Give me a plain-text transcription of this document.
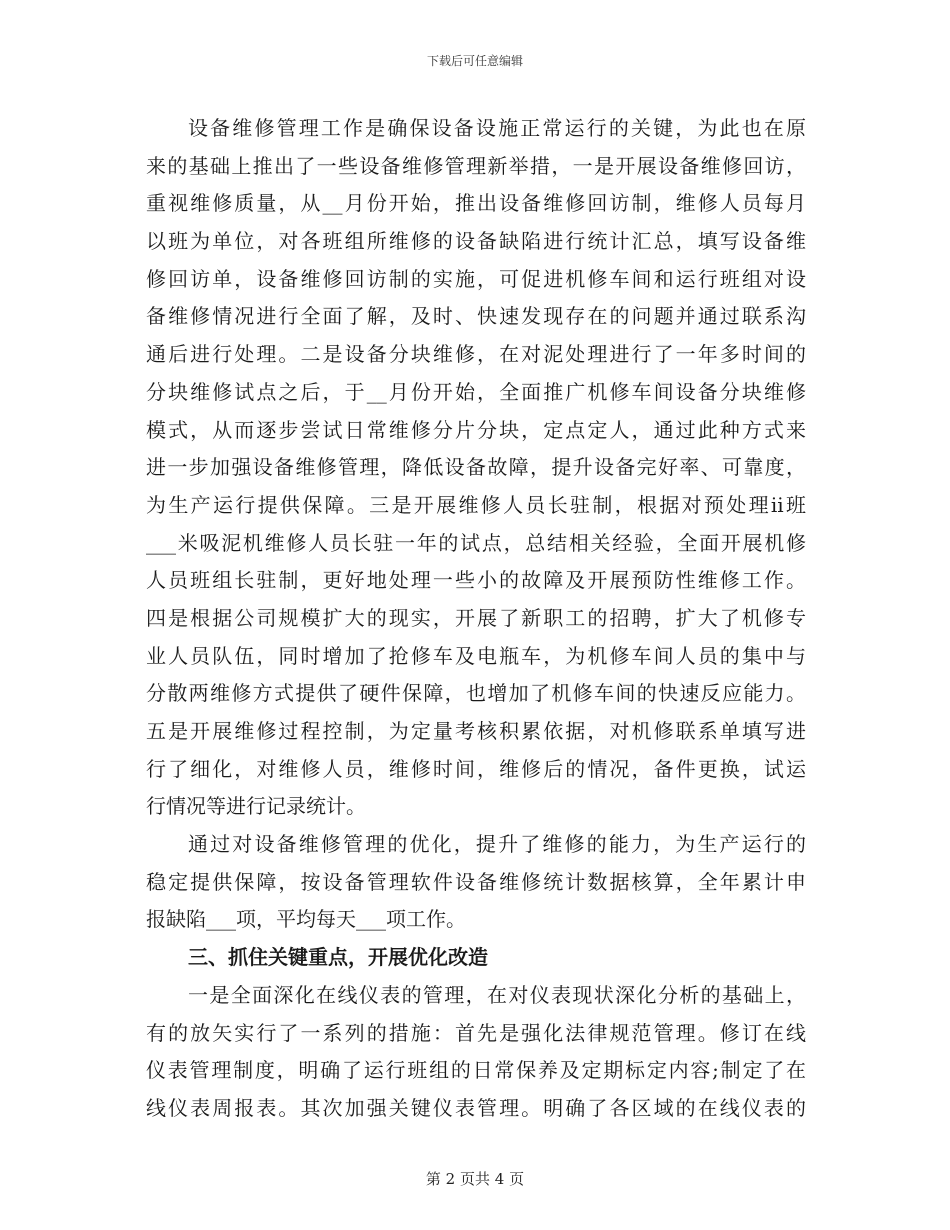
下载后可任意编辑
设备维修管理工作是确保设备设施正常运行的关键，为此也在原
来的基础上推出了一些设备维修管理新举措，一是开展设备维修回访，
重视维修质量，从__月份开始，推出设备维修回访制，维修人员每月
以班为单位，对各班组所维修的设备缺陷进行统计汇总，填写设备维
修回访单，设备维修回访制的实施，可促进机修车间和运行班组对设
备维修情况进行全面了解，及时、快速发现存在的问题并通过联系沟
通后进行处理。二是设备分块维修，在对泥处理进行了一年多时间的
分块维修试点之后，于__月份开始，全面推广机修车间设备分块维修
模式，从而逐步尝试日常维修分片分块，定点定人，通过此种方式来
进一步加强设备维修管理，降低设备故障，提升设备完好率、可靠度，
为生产运行提供保障。三是开展维修人员长驻制，根据对预处理ii班
___米吸泥机维修人员长驻一年的试点，总结相关经验，全面开展机修
人员班组长驻制，更好地处理一些小的故障及开展预防性维修工作。
四是根据公司规模扩大的现实，开展了新职工的招聘，扩大了机修专
业人员队伍，同时增加了抢修车及电瓶车，为机修车间人员的集中与
分散两维修方式提供了硬件保障，也增加了机修车间的快速反应能力。
五是开展维修过程控制，为定量考核积累依据，对机修联系单填写进
行了细化，对维修人员，维修时间，维修后的情况，备件更换，试运
行情况等进行记录统计。
通过对设备维修管理的优化，提升了维修的能力，为生产运行的
稳定提供保障，按设备管理软件设备维修统计数据核算，全年累计申
报缺陷___项，平均每天___项工作。
三、抓住关键重点，开展优化改造
一是全面深化在线仪表的管理，在对仪表现状深化分析的基础上，
有的放矢实行了一系列的措施：首先是强化法律规范管理。修订在线
仪表管理制度，明确了运行班组的日常保养及定期标定内容;制定了在
线仪表周报表。其次加强关键仪表管理。明确了各区域的在线仪表的
第 2 页共 4 页
